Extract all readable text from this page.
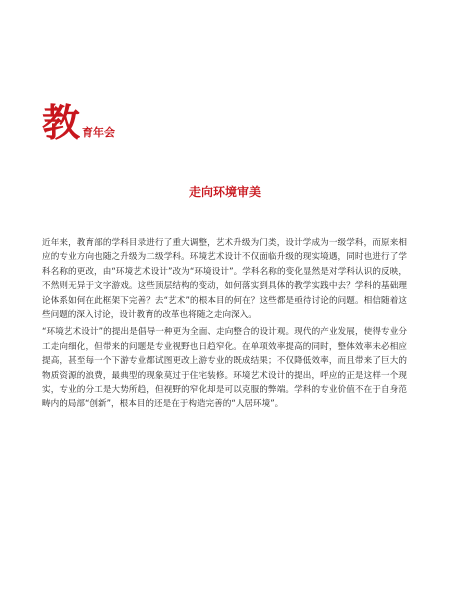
教 育年会
走向环境审美

近年来，教育部的学科目录进行了重大调整，艺术升级为门类，设计学成为一级学科，而原来相应的专业方向也随之升级为二级学科。环境艺术设计不仅面临升级的现实境遇，同时也进行了学科名称的更改，由“环境艺术设计”改为“环境设计”。学科名称的变化显然是对学科认识的反映，不然则无异于文字游戏。这些顶层结构的变动，如何落实到具体的教学实践中去？学科的基础理论体系如何在此框架下完善？去“艺术”的根本目的何在？这些都是亟待讨论的问题。相信随着这些问题的深入讨论，设计教育的改革也将随之走向深入。

“环境艺术设计”的提出是倡导一种更为全面、走向整合的设计观。现代的产业发展，使得专业分工走向细化，但带来的问题是专业视野也日趋窄化。在单项效率提高的同时，整体效率未必相应提高，甚至每一个下游专业都试图更改上游专业的既成结果；不仅降低效率，而且带来了巨大的物质资源的浪费，最典型的现象莫过于住宅装修。环境艺术设计的提出，呼应的正是这样一个现实，专业的分工是大势所趋，但视野的窄化却是可以克服的弊端。学科的专业价值不在于自身范畴内的局部“创新”，根本目的还是在于构造完善的“人居环境”。
